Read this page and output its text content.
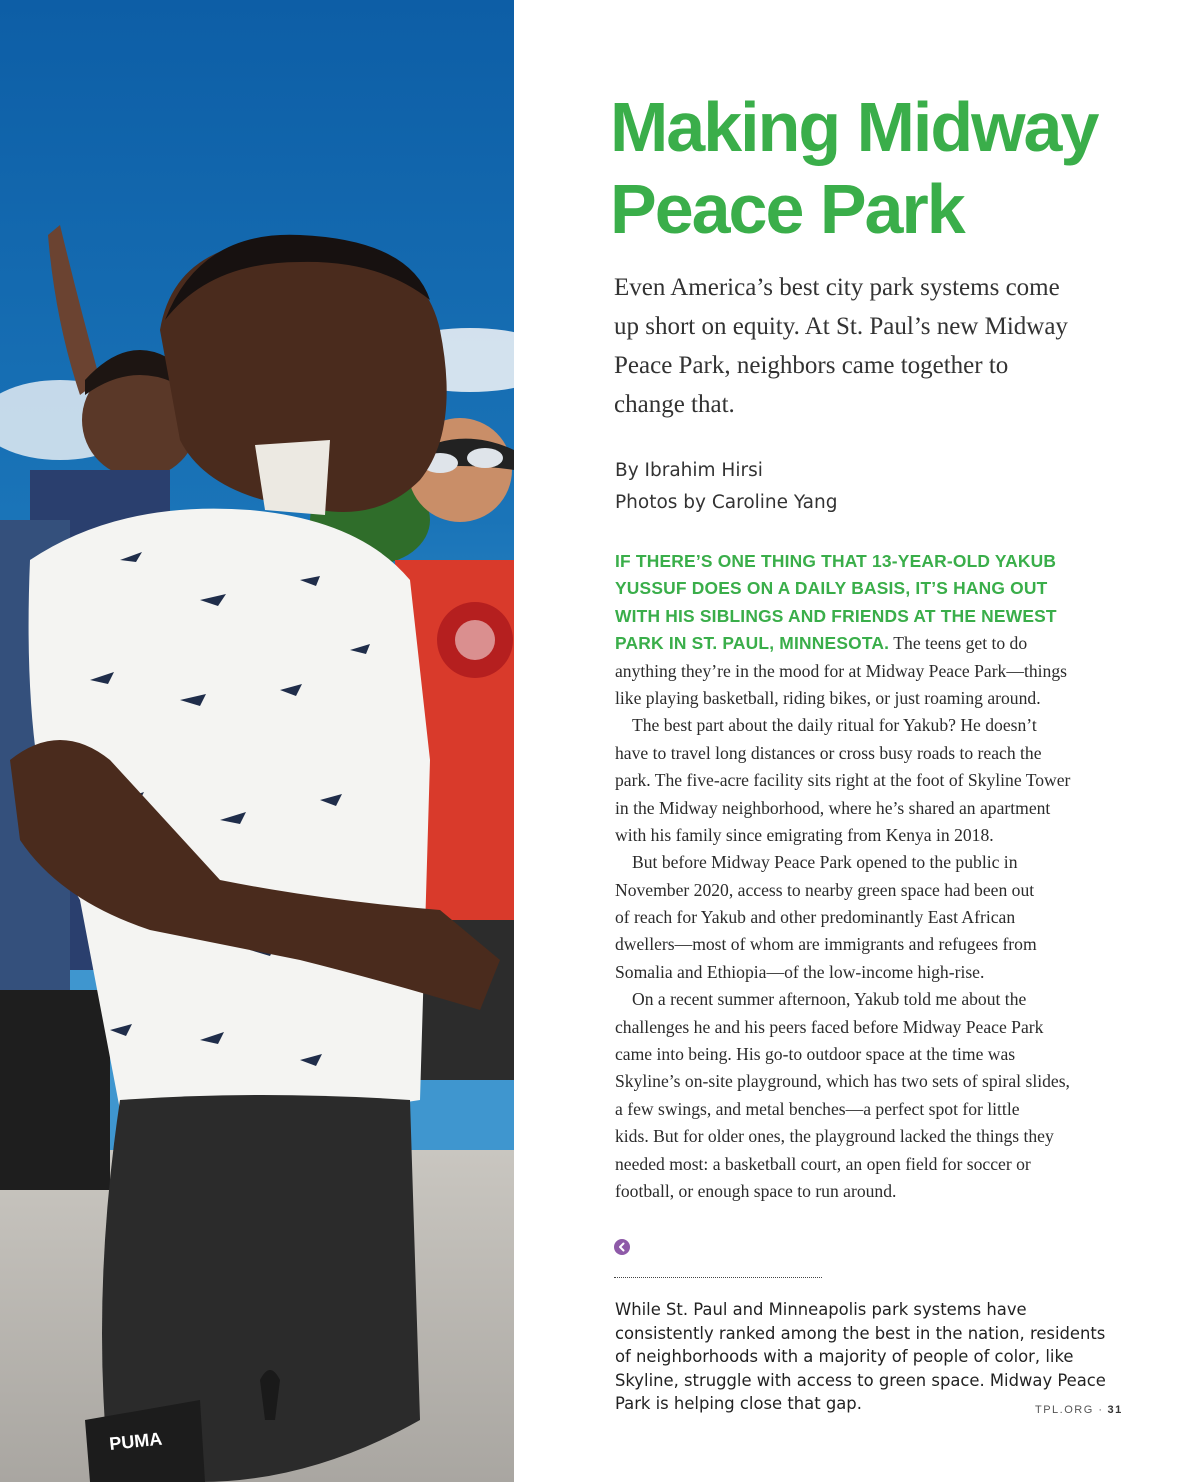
PUMA
Making Midway
Peace Park
Even America’s best city park systems come
up short on equity. At St. Paul’s new Midway
Peace Park, neighbors came together to
change that.
By Ibrahim Hirsi
Photos by Caroline Yang
IF THERE’S ONE THING THAT 13-YEAR-OLD YAKUB
YUSSUF DOES ON A DAILY BASIS, IT’S HANG OUT
WITH HIS SIBLINGS AND FRIENDS AT THE NEWEST
PARK IN ST. PAUL, MINNESOTA. The teens get to do
anything they’re in the mood for at Midway Peace Park—things
like playing basketball, riding bikes, or just roaming around.
The best part about the daily ritual for Yakub? He doesn’t
have to travel long distances or cross busy roads to reach the
park. The five-acre facility sits right at the foot of Skyline Tower
in the Midway neighborhood, where he’s shared an apartment
with his family since emigrating from Kenya in 2018.
But before Midway Peace Park opened to the public in
November 2020, access to nearby green space had been out
of reach for Yakub and other predominantly East African
dwellers—most of whom are immigrants and refugees from
Somalia and Ethiopia—of the low-income high-rise.
On a recent summer afternoon, Yakub told me about the
challenges he and his peers faced before Midway Peace Park
came into being. His go-to outdoor space at the time was
Skyline’s on-site playground, which has two sets of spiral slides,
a few swings, and metal benches—a perfect spot for little
kids. But for older ones, the playground lacked the things they
needed most: a basketball court, an open field for soccer or
football, or enough space to run around.
While St. Paul and Minneapolis park systems have
consistently ranked among the best in the nation, residents
of neighborhoods with a majority of people of color, like
Skyline, struggle with access to green space. Midway Peace
Park is helping close that gap.	TPL.ORG · 31
